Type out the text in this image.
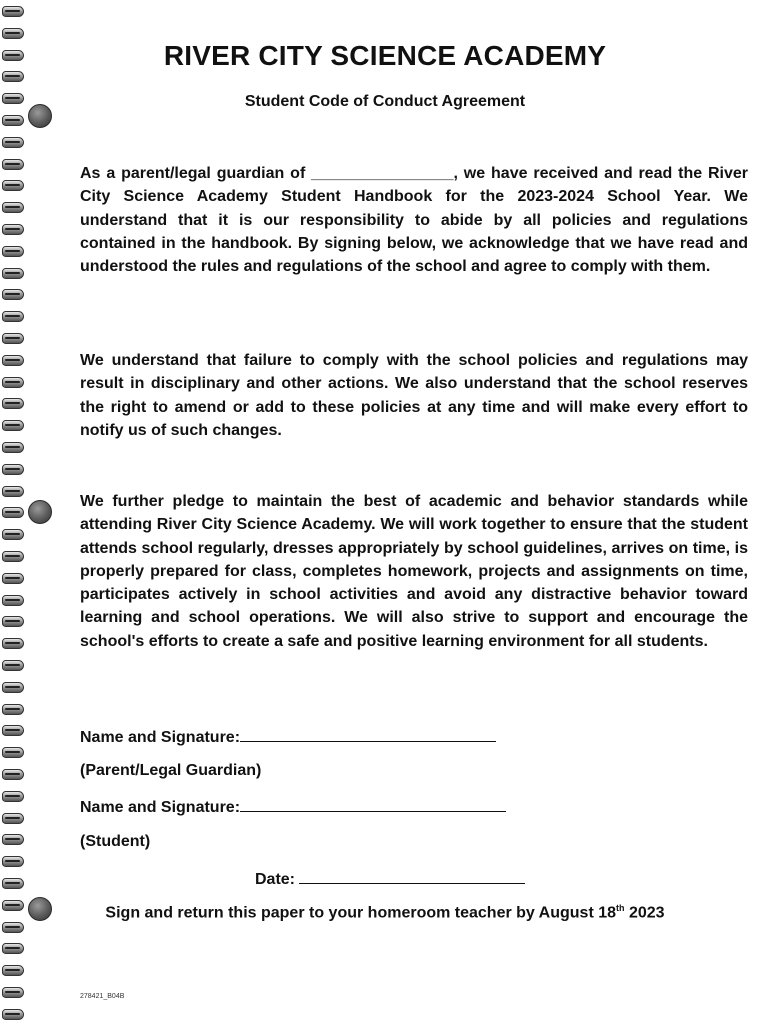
RIVER CITY SCIENCE ACADEMY
Student Code of Conduct Agreement

As a parent/legal guardian of ________________, we have received and read the River City Science Academy Student Handbook for the 2023-2024 School Year. We understand that it is our responsibility to abide by all policies and regulations contained in the handbook. By signing below, we acknowledge that we have read and understood the rules and regulations of the school and agree to comply with them.

We understand that failure to comply with the school policies and regulations may result in disciplinary and other actions. We also understand that the school reserves the right to amend or add to these policies at any time and will make every effort to notify us of such changes.

We further pledge to maintain the best of academic and behavior standards while attending River City Science Academy. We will work together to ensure that the student attends school regularly, dresses appropriately by school guidelines, arrives on time, is properly prepared for class, completes homework, projects and assignments on time, participates actively in school activities and avoid any distractive behavior toward learning and school operations. We will also strive to support and encourage the school's efforts to create a safe and positive learning environment for all students.

Name and Signature:
(Parent/Legal Guardian)
Name and Signature:
(Student)
Date:
Sign and return this paper to your homeroom teacher by August 18th 2023
278421_B04B
